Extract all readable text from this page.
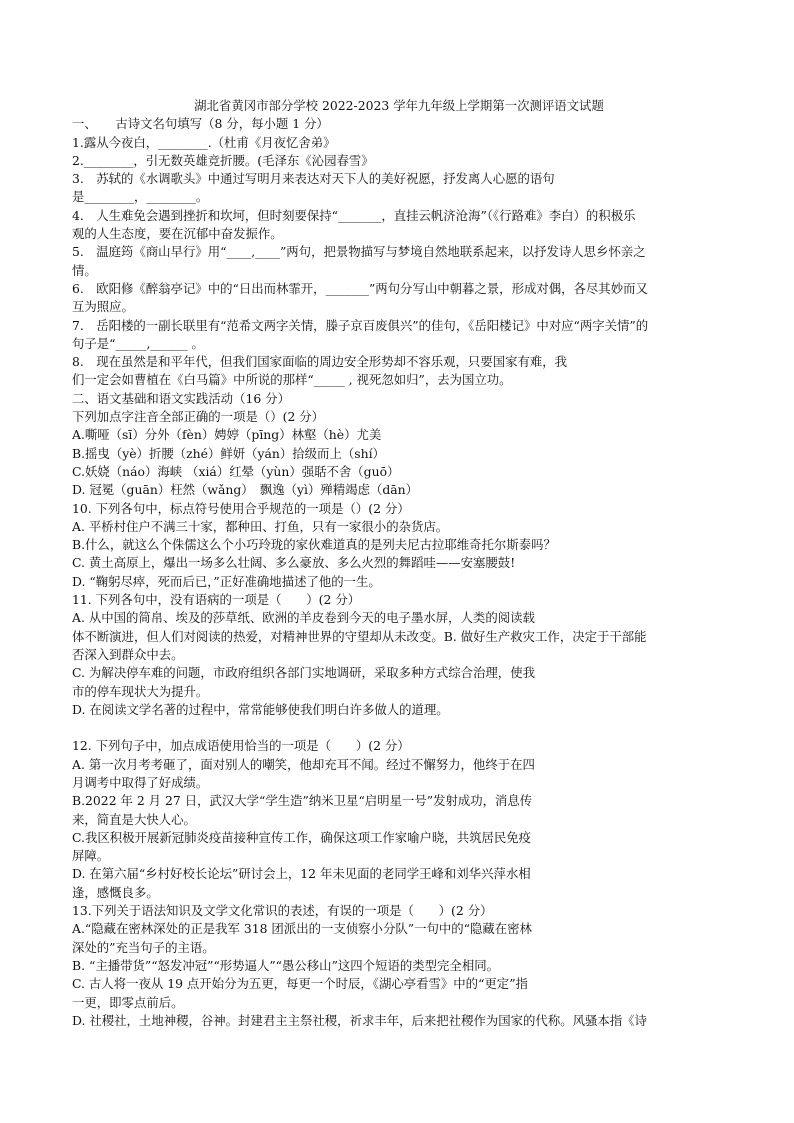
湖北省黄冈市部分学校 2022-2023 学年九年级上学期第一次测评语文试题
一、　　古诗文名句填写（8 分，每小题 1 分）
1.露从今夜白，________.（杜甫《月夜忆舍弟》
2.________，引无数英雄竞折腰。(毛泽东《沁园春雪》
3.　苏轼的《水调歌头》中通过写明月来表达对天下人的美好祝愿，抒发离人心愿的语句
是________，________。
4.　人生难免会遇到挫折和坎坷，但时刻要保持“_______，直挂云帆济沧海”（《行路难》李白）的积极乐
观的人生态度，要在沉郁中奋发振作。
5.　温庭筠《商山早行》用“____,____”两句，把景物描写与梦境自然地联系起来，以抒发诗人思乡怀亲之
情。
6.　欧阳修《醉翁亭记》中的“日出而林霏开，_______”两句分写山中朝暮之景，形成对偶，各尽其妙而又
互为照应。
7.　岳阳楼的一副长联里有“范希文两字关情，滕子京百废俱兴”的佳句，《岳阳楼记》中对应“两字关情”的
句子是“_____,______ 。
8.　现在虽然是和平年代，但我们国家面临的周边安全形势却不容乐观，只要国家有难，我
们一定会如曹植在《白马篇》中所说的那样“_____ , 视死忽如归”，去为国立功。
二、语文基础和语文实践活动（16 分）
下列加点字注音全部正确的一项是（）(2 分）
A.嘶哑（sī）分外（fèn）娉婷（pīng）林壑（hè）尤美
B.摇曳（yè）折腰（zhé）鲜妍（yán）拾级而上（shí）
C.妖娆（náo）海峡 （xiá）红晕（yùn）强聒不舍（guō）
D. 冠冕（guān）枉然（wǎng）　飘逸（yì）殚精竭虑（dān）
10. 下列各句中，标点符号使用合乎规范的一项是（）(2 分）
A. 平桥村住户不满三十家，都种田、打鱼，只有一家很小的杂货店。
B.什么，就这么个侏儒这么个小巧玲珑的家伙难道真的是列夫尼古拉耶维奇托尔斯泰吗？
C. 黄土高原上，爆出一场多么壮阔、多么豪放、多么火烈的舞蹈哇——安塞腰鼓!
D. “鞠躬尽瘁，死而后已，”正好准确地描述了他的一生。
11. 下列各句中，没有语病的一项是（　　）(2 分）
A. 从中国的简帛、埃及的莎草纸、欧洲的羊皮卷到今天的电子墨水屏，人类的阅读载
体不断演进，但人们对阅读的热爱，对精神世界的守望却从未改变。B. 做好生产救灾工作，决定于干部能
否深入到群众中去。
C. 为解决停车难的问题，市政府组织各部门实地调研，采取多种方式综合治理，使我
市的停车现状大为提升。
D. 在阅读文学名著的过程中，常常能够使我们明白许多做人的道理。
12. 下列句子中，加点成语使用恰当的一项是（　　）(2 分）
A. 第一次月考考砸了，面对别人的嘲笑，他却充耳不闻。经过不懈努力，他终于在四
月调考中取得了好成绩。
B.2022 年 2 月 27 日，武汉大学“学生造”纳米卫星“启明星一号”发射成功，消息传
来，简直是大快人心。
C.我区积极开展新冠肺炎疫苗接种宣传工作，确保这项工作家喻户晓，共筑居民免疫
屏障。
D. 在第六届“乡村好校长论坛”研讨会上，12 年未见面的老同学王峰和刘华兴萍水相
逢，感慨良多。
13.下列关于语法知识及文学文化常识的表述，有误的一项是（　　）(2 分）
A.“隐藏在密林深处的正是我军 318 团派出的一支侦察小分队”一句中的“隐藏在密林
深处的”充当句子的主语。
B. “主播带货”“怒发冲冠”“形势逼人”“愚公移山”这四个短语的类型完全相同。
C. 古人将一夜从 19 点开始分为五更，每更一个时辰，《湖心亭看雪》中的“更定”指
一更，即零点前后。
D. 社稷社，土地神稷，谷神。封建君主主祭社稷，祈求丰年，后来把社稷作为国家的代称。风骚本指《诗
